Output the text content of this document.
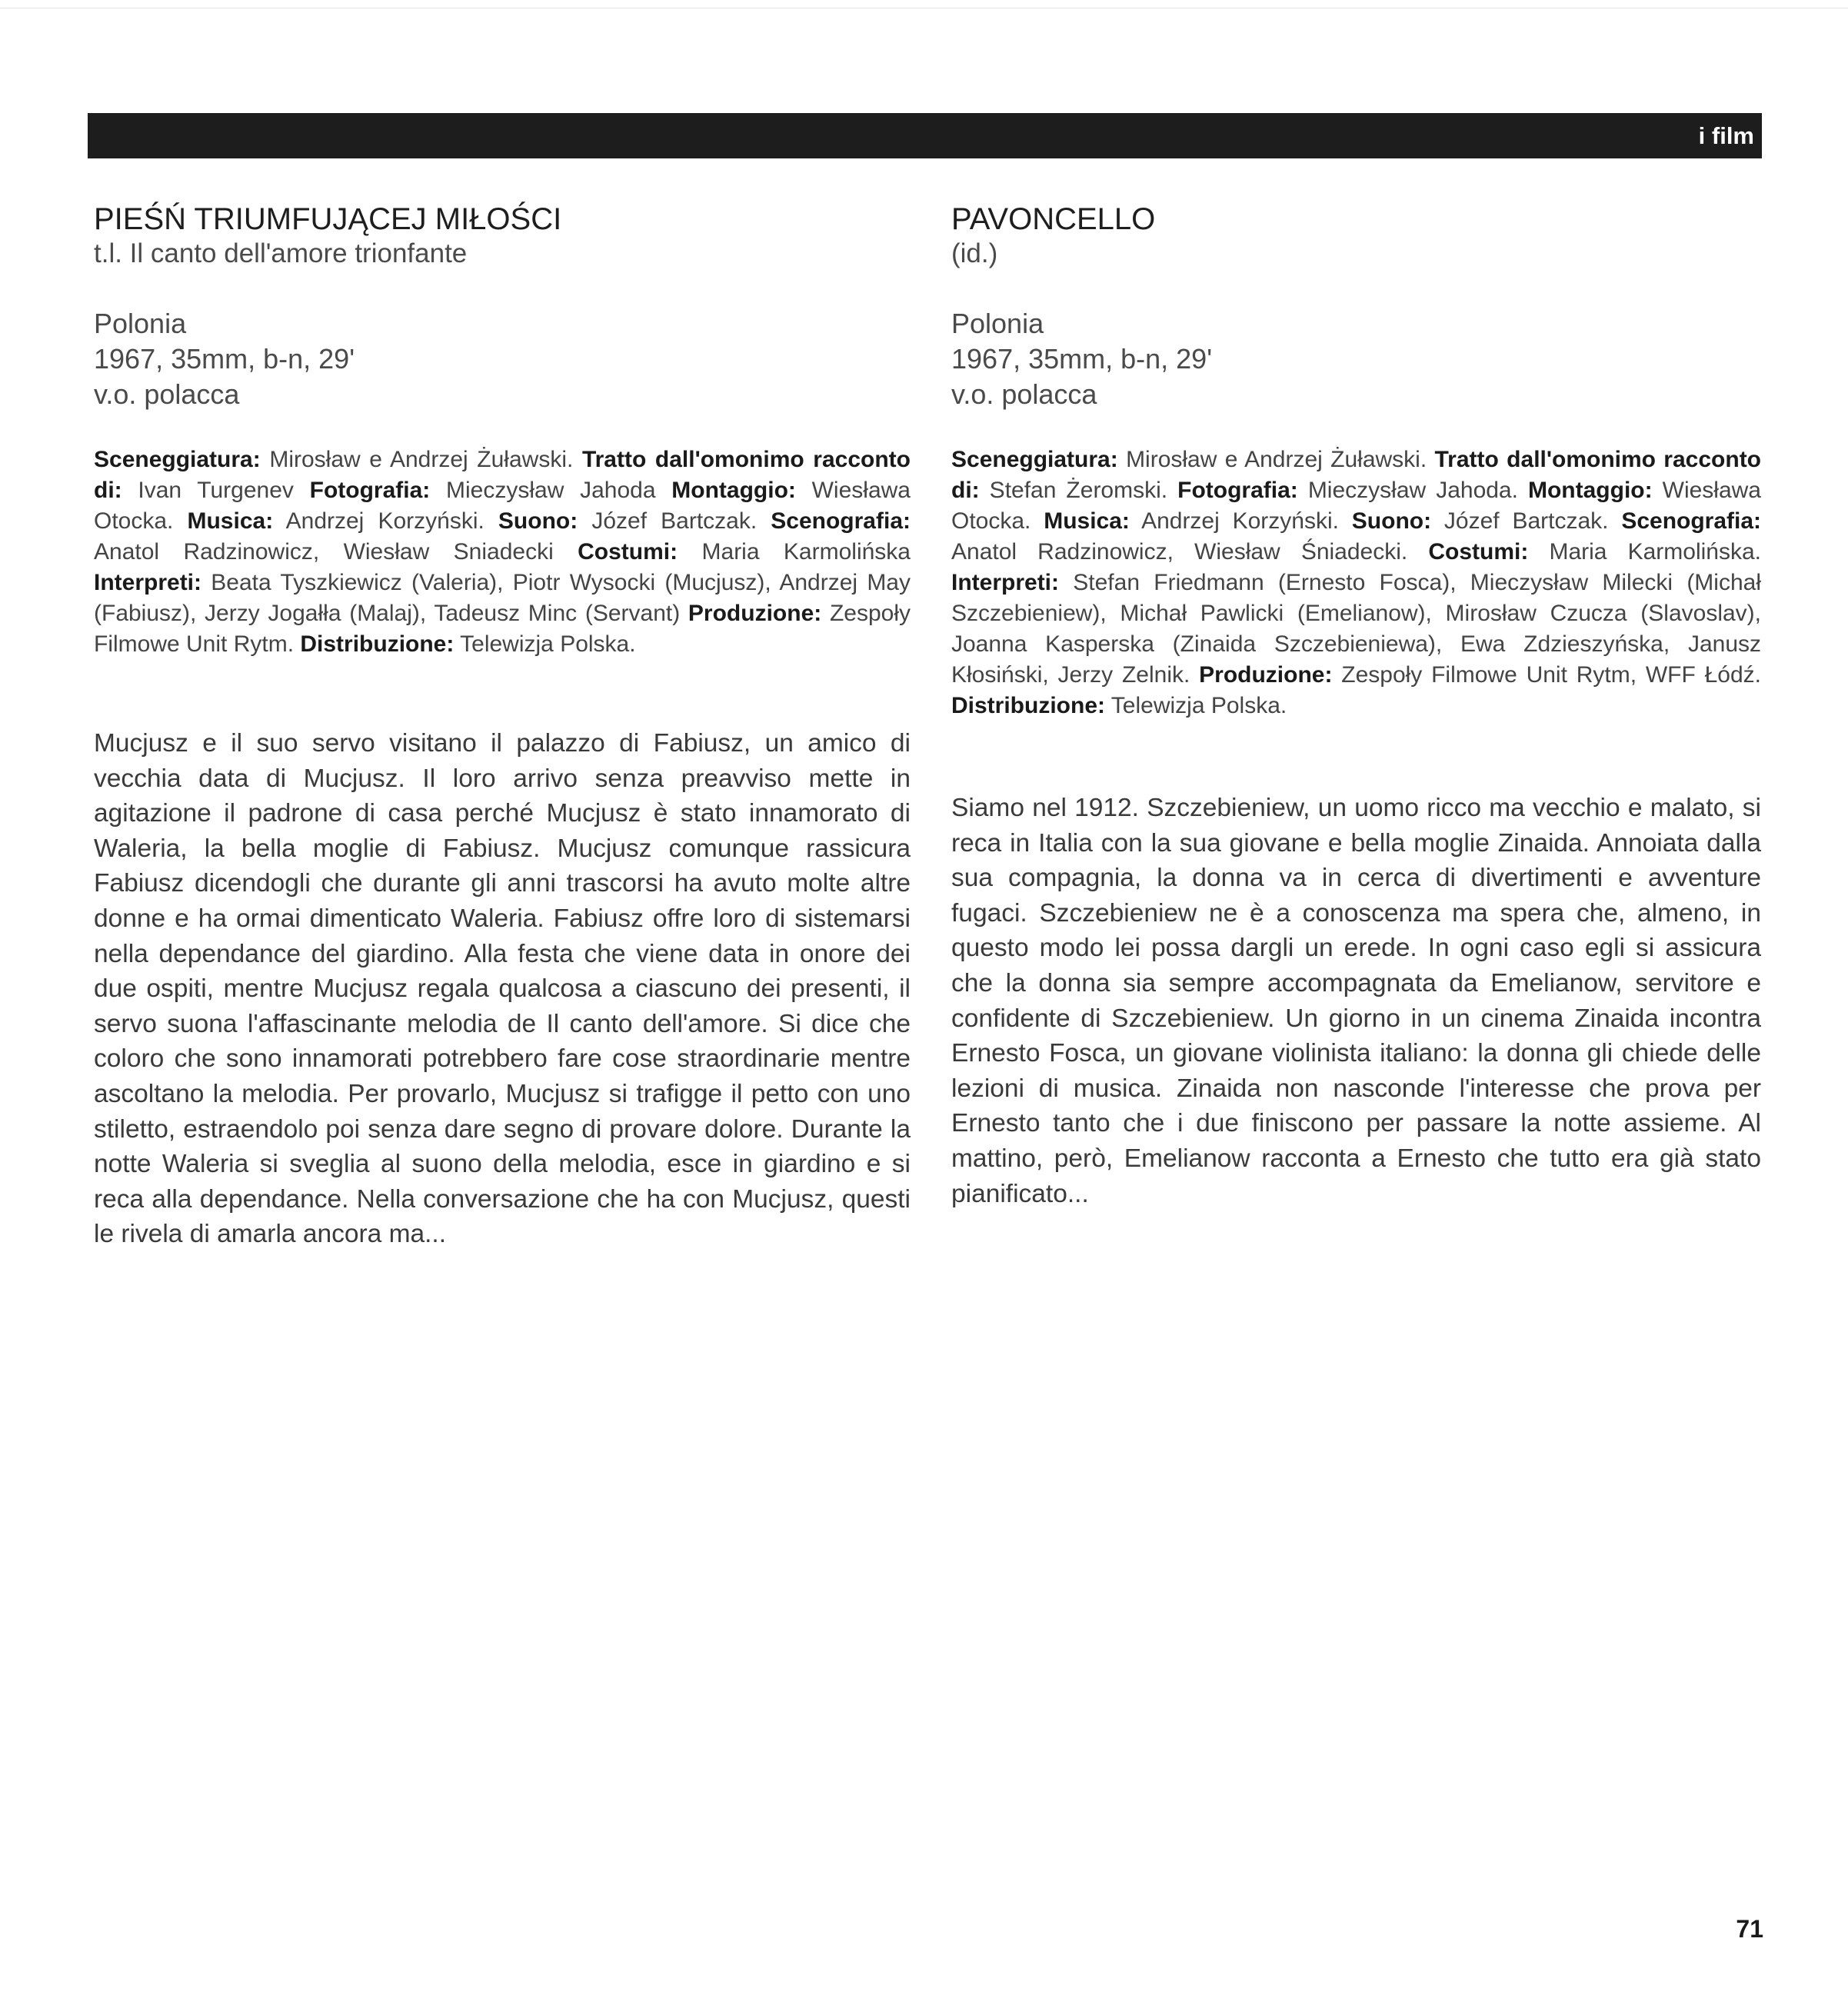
i film
PIEŚŃ TRIUMFUJĄCEJ MIŁOŚCI
t.l. Il canto dell'amore trionfante
Polonia
1967, 35mm, b-n, 29'
v.o. polacca
Sceneggiatura: Mirosław e Andrzej Żuławski. Tratto dall'omonimo racconto di: Ivan Turgenev Fotografia: Mieczysław Jahoda Montaggio: Wiesława Otocka. Musica: Andrzej Korzyński. Suono: Józef Bartczak. Scenografia: Anatol Radzinowicz, Wiesław Sniadecki Costumi: Maria Karmolińska Interpreti: Beata Tyszkiewicz (Valeria), Piotr Wysocki (Mucjusz), Andrzej May (Fabiusz), Jerzy Jogałła (Malaj), Tadeusz Minc (Servant) Produzione: Zespoły Filmowe Unit Rytm. Distribuzione: Telewizja Polska.
Mucjusz e il suo servo visitano il palazzo di Fabiusz, un amico di vecchia data di Mucjusz. Il loro arrivo senza preavviso mette in agitazione il padrone di casa perché Mucjusz è stato innamorato di Waleria, la bella moglie di Fabiusz. Mucjusz comunque rassicura Fabiusz dicendogli che durante gli anni trascorsi ha avuto molte altre donne e ha ormai dimenticato Waleria. Fabiusz offre loro di sistemarsi nella dependance del giardino. Alla festa che viene data in onore dei due ospiti, mentre Mucjusz regala qualcosa a ciascuno dei presenti, il servo suona l'affascinante melodia de Il canto dell'amore. Si dice che coloro che sono innamorati potrebbero fare cose straordinarie mentre ascoltano la melodia. Per provarlo, Mucjusz si trafigge il petto con uno stiletto, estraendolo poi senza dare segno di provare dolore. Durante la notte Waleria si sveglia al suono della melodia, esce in giardino e si reca alla dependance. Nella conversazione che ha con Mucjusz, questi le rivela di amarla ancora ma...
PAVONCELLO
(id.)
Polonia
1967, 35mm, b-n, 29'
v.o. polacca
Sceneggiatura: Mirosław e Andrzej Żuławski. Tratto dall'omonimo racconto di: Stefan Żeromski. Fotografia: Mieczysław Jahoda. Montaggio: Wiesława Otocka. Musica: Andrzej Korzyński. Suono: Józef Bartczak. Scenografia: Anatol Radzinowicz, Wiesław Śniadecki. Costumi: Maria Karmolińska. Interpreti: Stefan Friedmann (Ernesto Fosca), Mieczysław Milecki (Michał Szczebieniew), Michał Pawlicki (Emelianow), Mirosław Czucza (Slavoslav), Joanna Kasperska (Zinaida Szczebieniewa), Ewa Zdzieszyńska, Janusz Kłosiński, Jerzy Zelnik. Produzione: Zespoły Filmowe Unit Rytm, WFF Łódź. Distribuzione: Telewizja Polska.
Siamo nel 1912. Szczebieniew, un uomo ricco ma vecchio e malato, si reca in Italia con la sua giovane e bella moglie Zinaida. Annoiata dalla sua compagnia, la donna va in cerca di divertimenti e avventure fugaci. Szczebieniew ne è a conoscenza ma spera che, almeno, in questo modo lei possa dargli un erede. In ogni caso egli si assicura che la donna sia sempre accompagnata da Emelianow, servitore e confidente di Szczebieniew. Un giorno in un cinema Zinaida incontra Ernesto Fosca, un giovane violinista italiano: la donna gli chiede delle lezioni di musica. Zinaida non nasconde l'interesse che prova per Ernesto tanto che i due finiscono per passare la notte assieme. Al mattino, però, Emelianow racconta a Ernesto che tutto era già stato pianificato...
71
